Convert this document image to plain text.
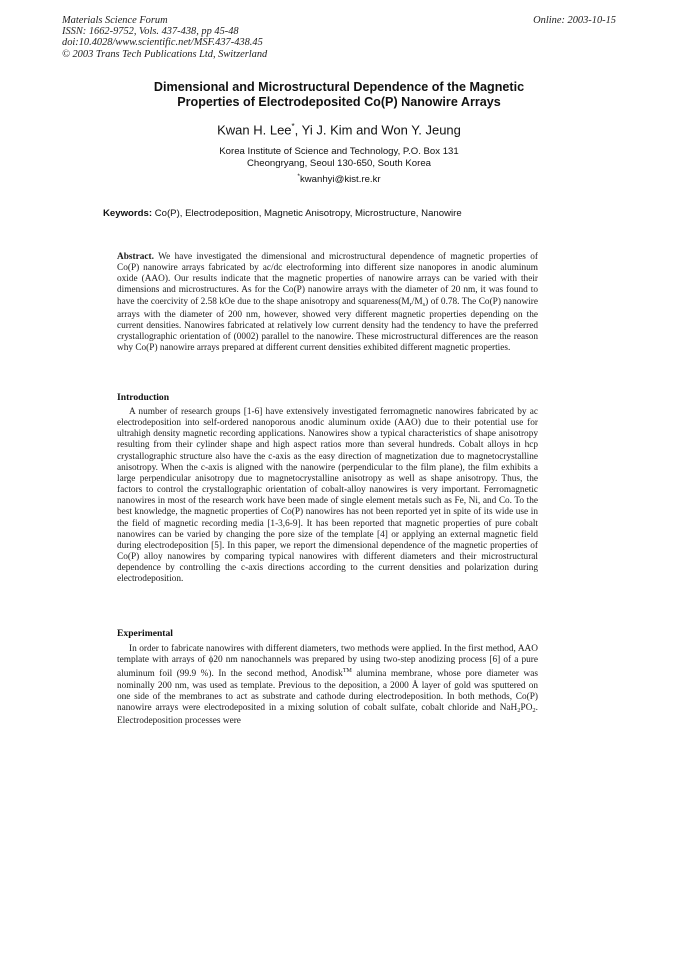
Materials Science Forum
ISSN: 1662-9752, Vols. 437-438, pp 45-48
doi:10.4028/www.scientific.net/MSF.437-438.45
© 2003 Trans Tech Publications Ltd, Switzerland
Online: 2003-10-15
Dimensional and Microstructural Dependence of the Magnetic
Properties of Electrodeposited Co(P) Nanowire Arrays
Kwan H. Lee*, Yi J. Kim and Won Y. Jeung
Korea Institute of Science and Technology, P.O. Box 131
Cheongryang, Seoul 130-650, South Korea
*kwanhyi@kist.re.kr
Keywords: Co(P), Electrodeposition, Magnetic Anisotropy, Microstructure, Nanowire
Abstract. We have investigated the dimensional and microstructural dependence of magnetic properties of Co(P) nanowire arrays fabricated by ac/dc electroforming into different size nanopores in anodic aluminum oxide (AAO). Our results indicate that the magnetic properties of nanowire arrays can be varied with their dimensions and microstructures. As for the Co(P) nanowire arrays with the diameter of 20 nm, it was found to have the coercivity of 2.58 kOe due to the shape anisotropy and $squareness(M_r/M_s)$ of 0.78. The Co(P) nanowire arrays with the diameter of 200 nm, however, showed very different magnetic properties depending on the current densities. Nanowires fabricated at relatively low current density had the tendency to have the preferred crystallographic orientation of (0002) parallel to the nanowire. These microstructural differences are the reason why Co(P) nanowire arrays prepared at different current densities exhibited different magnetic properties.
Introduction
A number of research groups [1-6] have extensively investigated ferromagnetic nanowires fabricated by ac electrodeposition into self-ordered nanoporous anodic aluminum oxide (AAO) due to their potential use for ultrahigh density magnetic recording applications. Nanowires show a typical characteristics of shape anisotropy resulting from their cylinder shape and high aspect ratios more than several hundreds. Cobalt alloys in hcp crystallographic structure also have the c-axis as the easy direction of magnetization due to magnetocrystalline anisotropy. When the c-axis is aligned with the nanowire (perpendicular to the film plane), the film exhibits a large perpendicular anisotropy due to magnetocrystalline anisotropy as well as shape anisotropy. Thus, the factors to control the crystallographic orientation of cobalt-alloy nanowires is very important. Ferromagnetic nanowires in most of the research work have been made of single element metals such as Fe, Ni, and Co. To the best knowledge, the magnetic properties of Co(P) nanowires has not been reported yet in spite of its wide use in the field of magnetic recording media [1-3,6-9]. It has been reported that magnetic properties of pure cobalt nanowires can be varied by changing the pore size of the template [4] or applying an external magnetic field during electrodeposition [5]. In this paper, we report the dimensional dependence of the magnetic properties of Co(P) alloy nanowires by comparing typical nanowires with different diameters and their microstructural dependence by controlling the c-axis directions according to the current densities and polarization during electrodeposition.
Experimental
In order to fabricate nanowires with different diameters, two methods were applied. In the first method, AAO template with arrays of ϕ20 nm nanochannels was prepared by using two-step anodizing process [6] of a pure aluminum foil (99.9 %). In the second method, Anodisk™ alumina membrane, whose pore diameter was nominally 200 nm, was used as template. Previous to the deposition, a 2000 Å layer of gold was sputtered on one side of the membranes to act as substrate and cathode during electrodeposition. In both methods, Co(P) nanowire arrays were electrodeposited in a mixing solution of cobalt sulfate, cobalt chloride and $NaH_2PO_2$. Electrodeposition processes were
